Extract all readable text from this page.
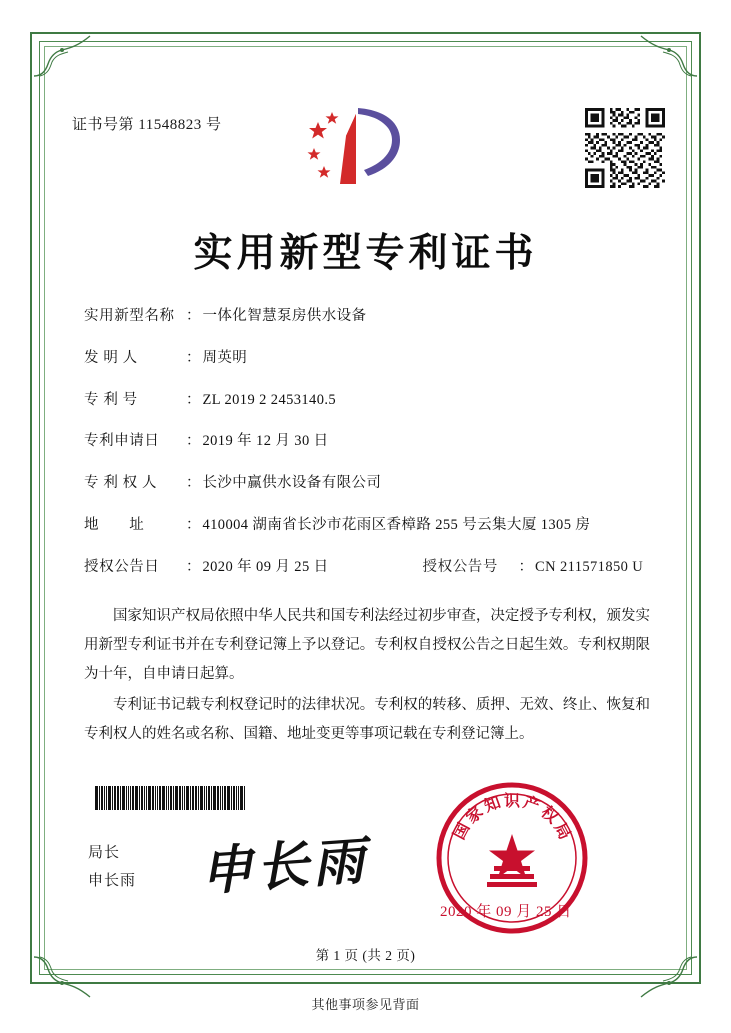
证书号第 11548823 号
实用新型专利证书
实用新型名称 ： 一体化智慧泵房供水设备
发 明 人	： 周英明
专 利 号	： ZL 2019 2 2453140.5
专利申请日	： 2019 年 12 月 30 日
专 利 权 人	： 长沙中赢供水设备有限公司
地　　址	： 410004 湖南省长沙市花雨区香樟路 255 号云集大厦 1305 房
授权公告日	： 2020 年 09 月 25 日	授权公告号	： CN 211571850 U

国家知识产权局依照中华人民共和国专利法经过初步审查，决定授予专利权，颁发实用新型专利证书并在专利登记簿上予以登记。专利权自授权公告之日起生效。专利权期限为十年，自申请日起算。

专利证书记载专利权登记时的法律状况。专利权的转移、质押、无效、终止、恢复和专利权人的姓名或名称、国籍、地址变更等事项记载在专利登记簿上。

局长
申长雨 申长雨	国
家
知 识 产
权
局
2020 年 09 月 25 日
第 1 页 (共 2 页)
其他事项参见背面
